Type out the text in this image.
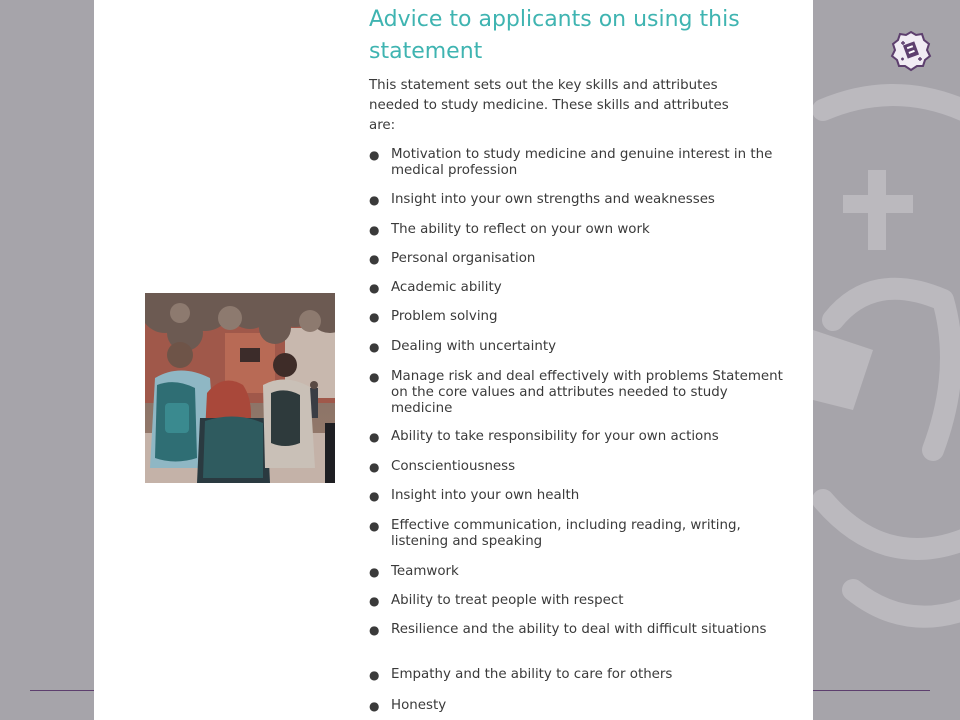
Advice to applicants on using this statement

This statement sets out the key skills and attributes needed to study medicine. These skills and attributes are:

● Motivation to study medicine and genuine interest in the medical profession
● Insight into your own strengths and weaknesses
● The ability to reflect on your own work
● Personal organisation
● Academic ability
● Problem solving
● Dealing with uncertainty
● Manage risk and deal effectively with problems Statement on the core values and attributes needed to study medicine
● Ability to take responsibility for your own actions
● Conscientiousness
● Insight into your own health
● Effective communication, including reading, writing, listening and speaking
● Teamwork
● Ability to treat people with respect
● Resilience and the ability to deal with difficult situations
● Empathy and the ability to care for others
● Honesty
